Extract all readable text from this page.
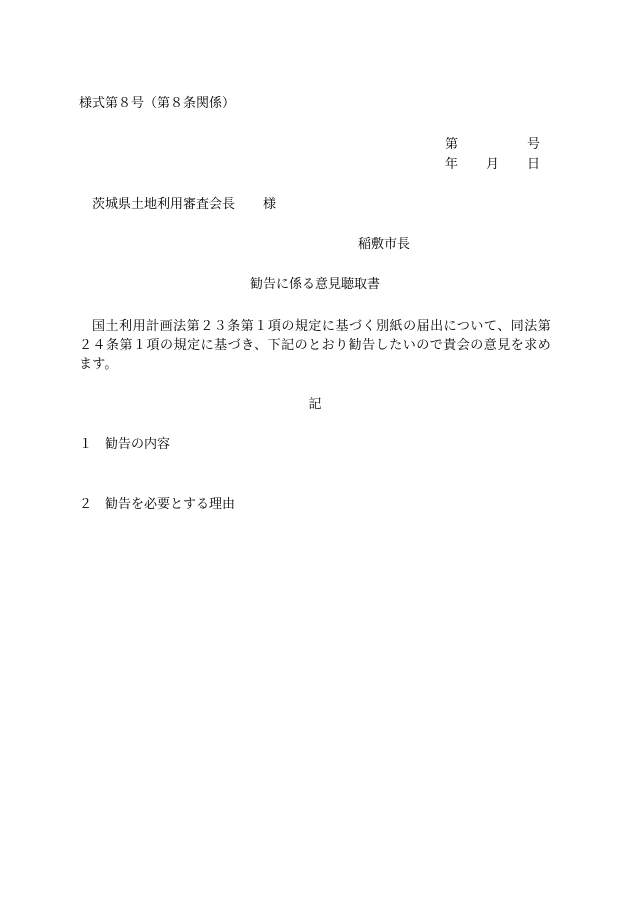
様式第８号（第８条関係）
第	号
年 月 日
茨城県土地利用審査会長 様
稲敷市長
勧告に係る意見聴取書
国土利用計画法第２３条第１項の規定に基づく別紙の届出について、同法第２４条第１項の規定に基づき、下記のとおり勧告したいので貴会の意見を求めます。
記
１ 勧告の内容
２ 勧告を必要とする理由
